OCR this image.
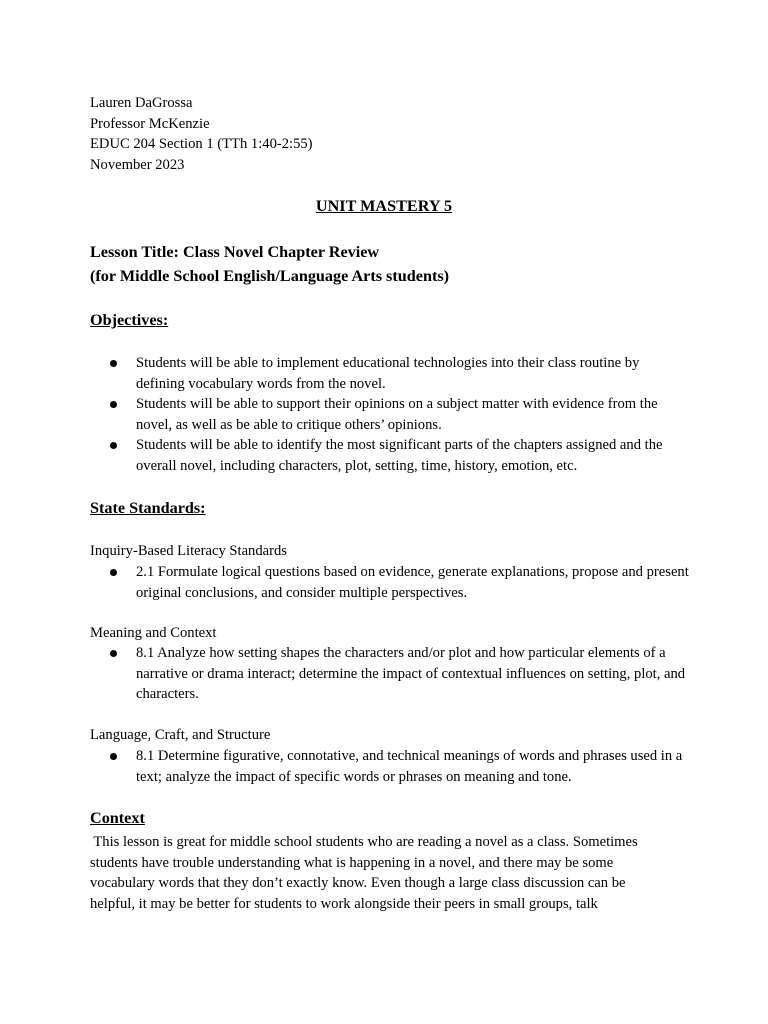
Lauren DaGrossa
Professor McKenzie
EDUC 204 Section 1 (TTh 1:40-2:55)
November 2023
UNIT MASTERY 5
Lesson Title: Class Novel Chapter Review
(for Middle School English/Language Arts students)
Objectives:
Students will be able to implement educational technologies into their class routine by defining vocabulary words from the novel.
Students will be able to support their opinions on a subject matter with evidence from the novel, as well as be able to critique others’ opinions.
Students will be able to identify the most significant parts of the chapters assigned and the overall novel, including characters, plot, setting, time, history, emotion, etc.
State Standards:
Inquiry-Based Literacy Standards
2.1 Formulate logical questions based on evidence, generate explanations, propose and present original conclusions, and consider multiple perspectives.
Meaning and Context
8.1 Analyze how setting shapes the characters and/or plot and how particular elements of a narrative or drama interact; determine the impact of contextual influences on setting, plot, and characters.
Language, Craft, and Structure
8.1 Determine figurative, connotative, and technical meanings of words and phrases used in a text; analyze the impact of specific words or phrases on meaning and tone.
Context
This lesson is great for middle school students who are reading a novel as a class. Sometimes
students have trouble understanding what is happening in a novel, and there may be some
vocabulary words that they don’t exactly know. Even though a large class discussion can be
helpful, it may be better for students to work alongside their peers in small groups, talk
